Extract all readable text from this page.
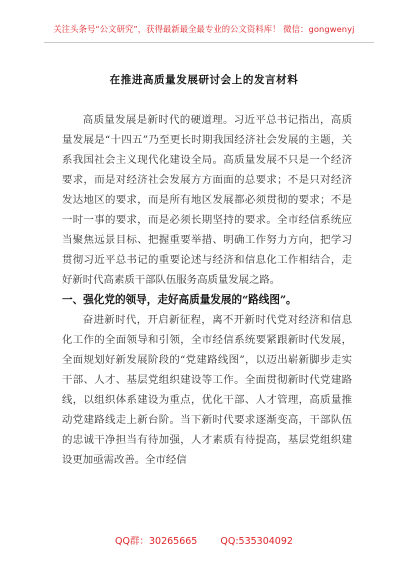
关注头条号“公文研究”，获得最新最全最专业的公文资料库！ 微信：gongwenyj
在推进高质量发展研讨会上的发言材料

高质量发展是新时代的硬道理。习近平总书记指出，高质量发展是“十四五”乃至更长时期我国经济社会发展的主题，关系我国社会主义现代化建设全局。高质量发展不只是一个经济要求，而是对经济社会发展方方面面的总要求；不是只对经济发达地区的要求，而是所有地区发展都必须贯彻的要求；不是一时一事的要求，而是必须长期坚持的要求。全市经信系统应当聚焦远景目标、把握重要举措、明确工作努力方向，把学习贯彻习近平总书记的重要论述与经济和信息化工作相结合，走好新时代高素质干部队伍服务高质量发展之路。

一、强化党的领导，走好高质量发展的“路线图”。

奋进新时代，开启新征程，离不开新时代党对经济和信息化工作的全面领导和引领，全市经信系统要紧跟新时代发展，全面规划好新发展阶段的“党建路线图”，以迈出崭新脚步走实干部、人才、基层党组织建设等工作。全面贯彻新时代党建路线，以组织体系建设为重点，优化干部、人才管理，高质量推动党建路线走上新台阶。当下新时代要求逐渐变高，干部队伍的忠诚干净担当有待加强，人才素质有待提高，基层党组织建设更加亟需改善。全市经信

QQ群：30265665 QQ:535304092
